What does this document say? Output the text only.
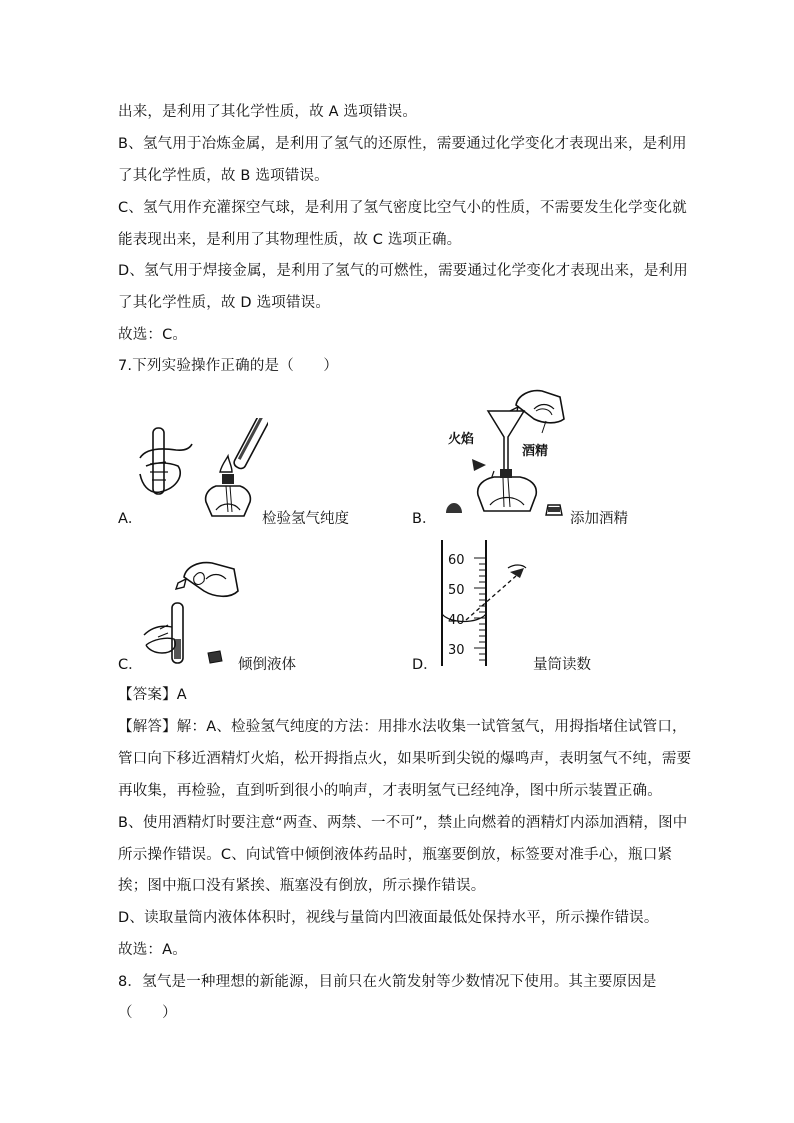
出来，是利用了其化学性质，故 A 选项错误。
B、氢气用于冶炼金属，是利用了氢气的还原性，需要通过化学变化才表现出来，是利用
了其化学性质，故 B 选项错误。
C、氢气用作充灌探空气球，是利用了氢气密度比空气小的性质，不需要发生化学变化就
能表现出来，是利用了其物理性质，故 C 选项正确。
D、氢气用于焊接金属，是利用了氢气的可燃性，需要通过化学变化才表现出来，是利用
了其化学性质，故 D 选项错误。
故选：C。
7.下列实验操作正确的是（　　）
A．	检验氢气纯度	B．
酒精
火焰
添加酒精
C．	倾倒液体	D．
60
50
40
30
量筒读数
【答案】A
【解答】解：A、检验氢气纯度的方法：用排水法收集一试管氢气，用拇指堵住试管口，
管口向下移近酒精灯火焰，松开拇指点火，如果听到尖锐的爆鸣声，表明氢气不纯，需要
再收集，再检验，直到听到很小的响声，才表明氢气已经纯净，图中所示装置正确。
B、使用酒精灯时要注意“两查、两禁、一不可”，禁止向燃着的酒精灯内添加酒精，图中
所示操作错误。C、向试管中倾倒液体药品时，瓶塞要倒放，标签要对准手心，瓶口紧
挨；图中瓶口没有紧挨、瓶塞没有倒放，所示操作错误。
D、读取量筒内液体体积时，视线与量筒内凹液面最低处保持水平，所示操作错误。
故选：A。
8．氢气是一种理想的新能源，目前只在火箭发射等少数情况下使用。其主要原因是
（　　）
